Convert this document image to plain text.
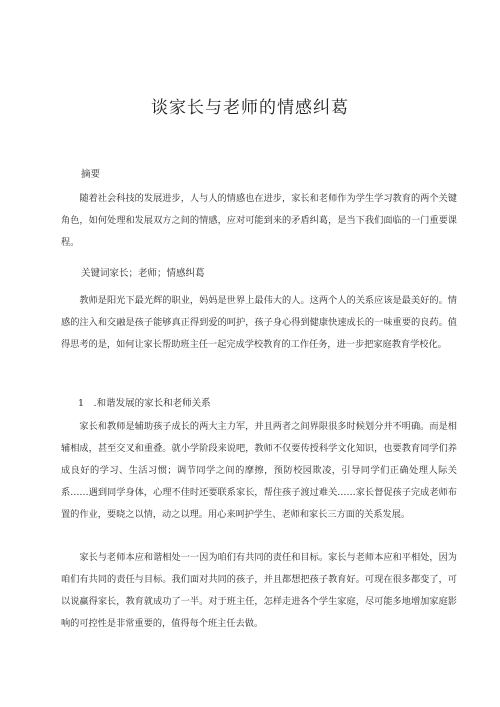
谈家长与老师的情感纠葛
摘要

随着社会科技的发展进步，人与人的情感也在进步，家长和老师作为学生学习教育的两个关键角色，如何处理和发展双方之间的情感，应对可能到来的矛盾纠葛，是当下我们面临的一门重要课程。

关键词家长；老师；情感纠葛

教师是阳光下最光辉的职业，妈妈是世界上最伟大的人。这两个人的关系应该是最美好的。情感的注入和交融是孩子能够真正得到爱的呵护，孩子身心得到健康快速成长的一味重要的良药。值得思考的是，如何让家长帮助班主任一起完成学校教育的工作任务，进一步把家庭教育学校化。

1　.和谐发展的家长和老师关系

家长和教师是辅助孩子成长的两大主力军，并且两者之间界限很多时候划分并不明确。而是相辅相成，甚至交叉和重叠。就小学阶段来说吧，教师不仅要传授科学文化知识，也要教育同学们养成良好的学习、生活习惯；调节同学之间的摩擦，预防校园欺凌，引导同学们正确处理人际关系……遇到同学身体，心理不佳时还要联系家长，帮住孩子渡过难关……家长督促孩子完成老师布置的作业，要晓之以情，动之以理。用心来呵护学生、老师和家长三方面的关系发展。

家长与老师本应和谐相处一一因为咱们有共同的责任和目标。家长与老师本应和平相处，因为咱们有共同的责任与目标。我们面对共同的孩子，并且都想把孩子教育好。可现在很多都变了，可以说赢得家长，教育就成功了一半。对于班主任，怎样走进各个学生家庭，尽可能多地增加家庭影响的可控性是非常重要的，值得每个班主任去做。
